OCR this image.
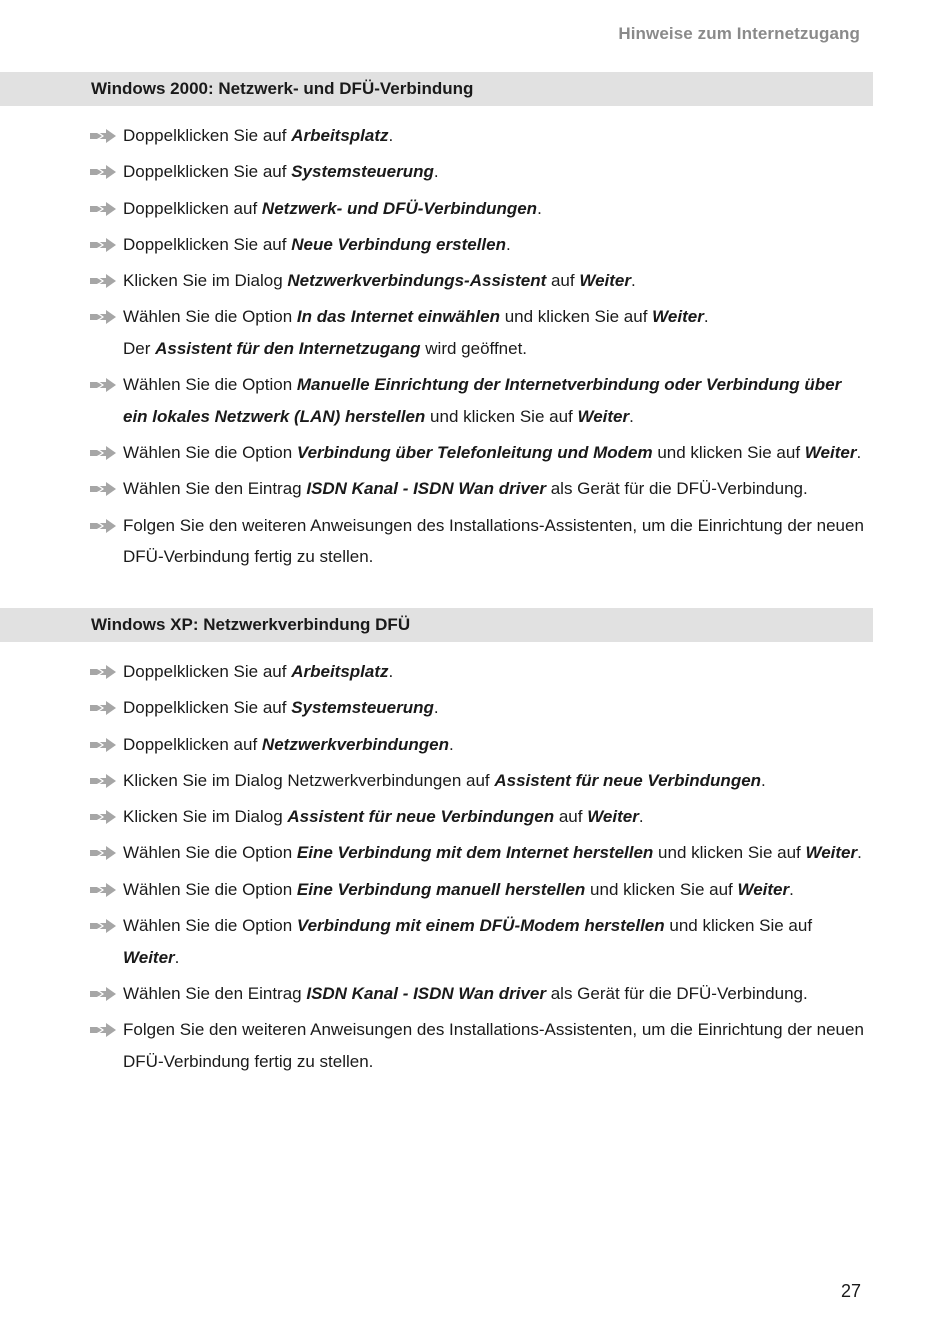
Hinweise zum Internetzugang
Windows 2000: Netzwerk- und DFÜ-Verbindung
Doppelklicken Sie auf Arbeitsplatz.
Doppelklicken Sie auf Systemsteuerung.
Doppelklicken auf Netzwerk- und DFÜ-Verbindungen.
Doppelklicken Sie auf Neue Verbindung erstellen.
Klicken Sie im Dialog Netzwerkverbindungs-Assistent auf Weiter.
Wählen Sie die Option In das Internet einwählen und klicken Sie auf Weiter.
Der Assistent für den Internetzugang wird geöffnet.
Wählen Sie die Option Manuelle Einrichtung der Internetverbindung oder Verbindung über ein lokales Netzwerk (LAN) herstellen und klicken Sie auf Weiter.
Wählen Sie die Option Verbindung über Telefonleitung und Modem und klicken Sie auf Weiter.
Wählen Sie den Eintrag ISDN Kanal - ISDN Wan driver als Gerät für die DFÜ-Verbindung.
Folgen Sie den weiteren Anweisungen des Installations-Assistenten, um die Einrichtung der neuen DFÜ-Verbindung fertig zu stellen.
Windows XP: Netzwerkverbindung DFÜ
Doppelklicken Sie auf Arbeitsplatz.
Doppelklicken Sie auf Systemsteuerung.
Doppelklicken auf Netzwerkverbindungen.
Klicken Sie im Dialog Netzwerkverbindungen auf Assistent für neue Verbindungen.
Klicken Sie im Dialog Assistent für neue Verbindungen auf Weiter.
Wählen Sie die Option Eine Verbindung mit dem Internet herstellen und klicken Sie auf Weiter.
Wählen Sie die Option Eine Verbindung manuell herstellen und klicken Sie auf Weiter.
Wählen Sie die Option Verbindung mit einem DFÜ-Modem herstellen und klicken Sie auf Weiter.
Wählen Sie den Eintrag ISDN Kanal - ISDN Wan driver als Gerät für die DFÜ-Verbindung.
Folgen Sie den weiteren Anweisungen des Installations-Assistenten, um die Einrichtung der neuen DFÜ-Verbindung fertig zu stellen.
27
